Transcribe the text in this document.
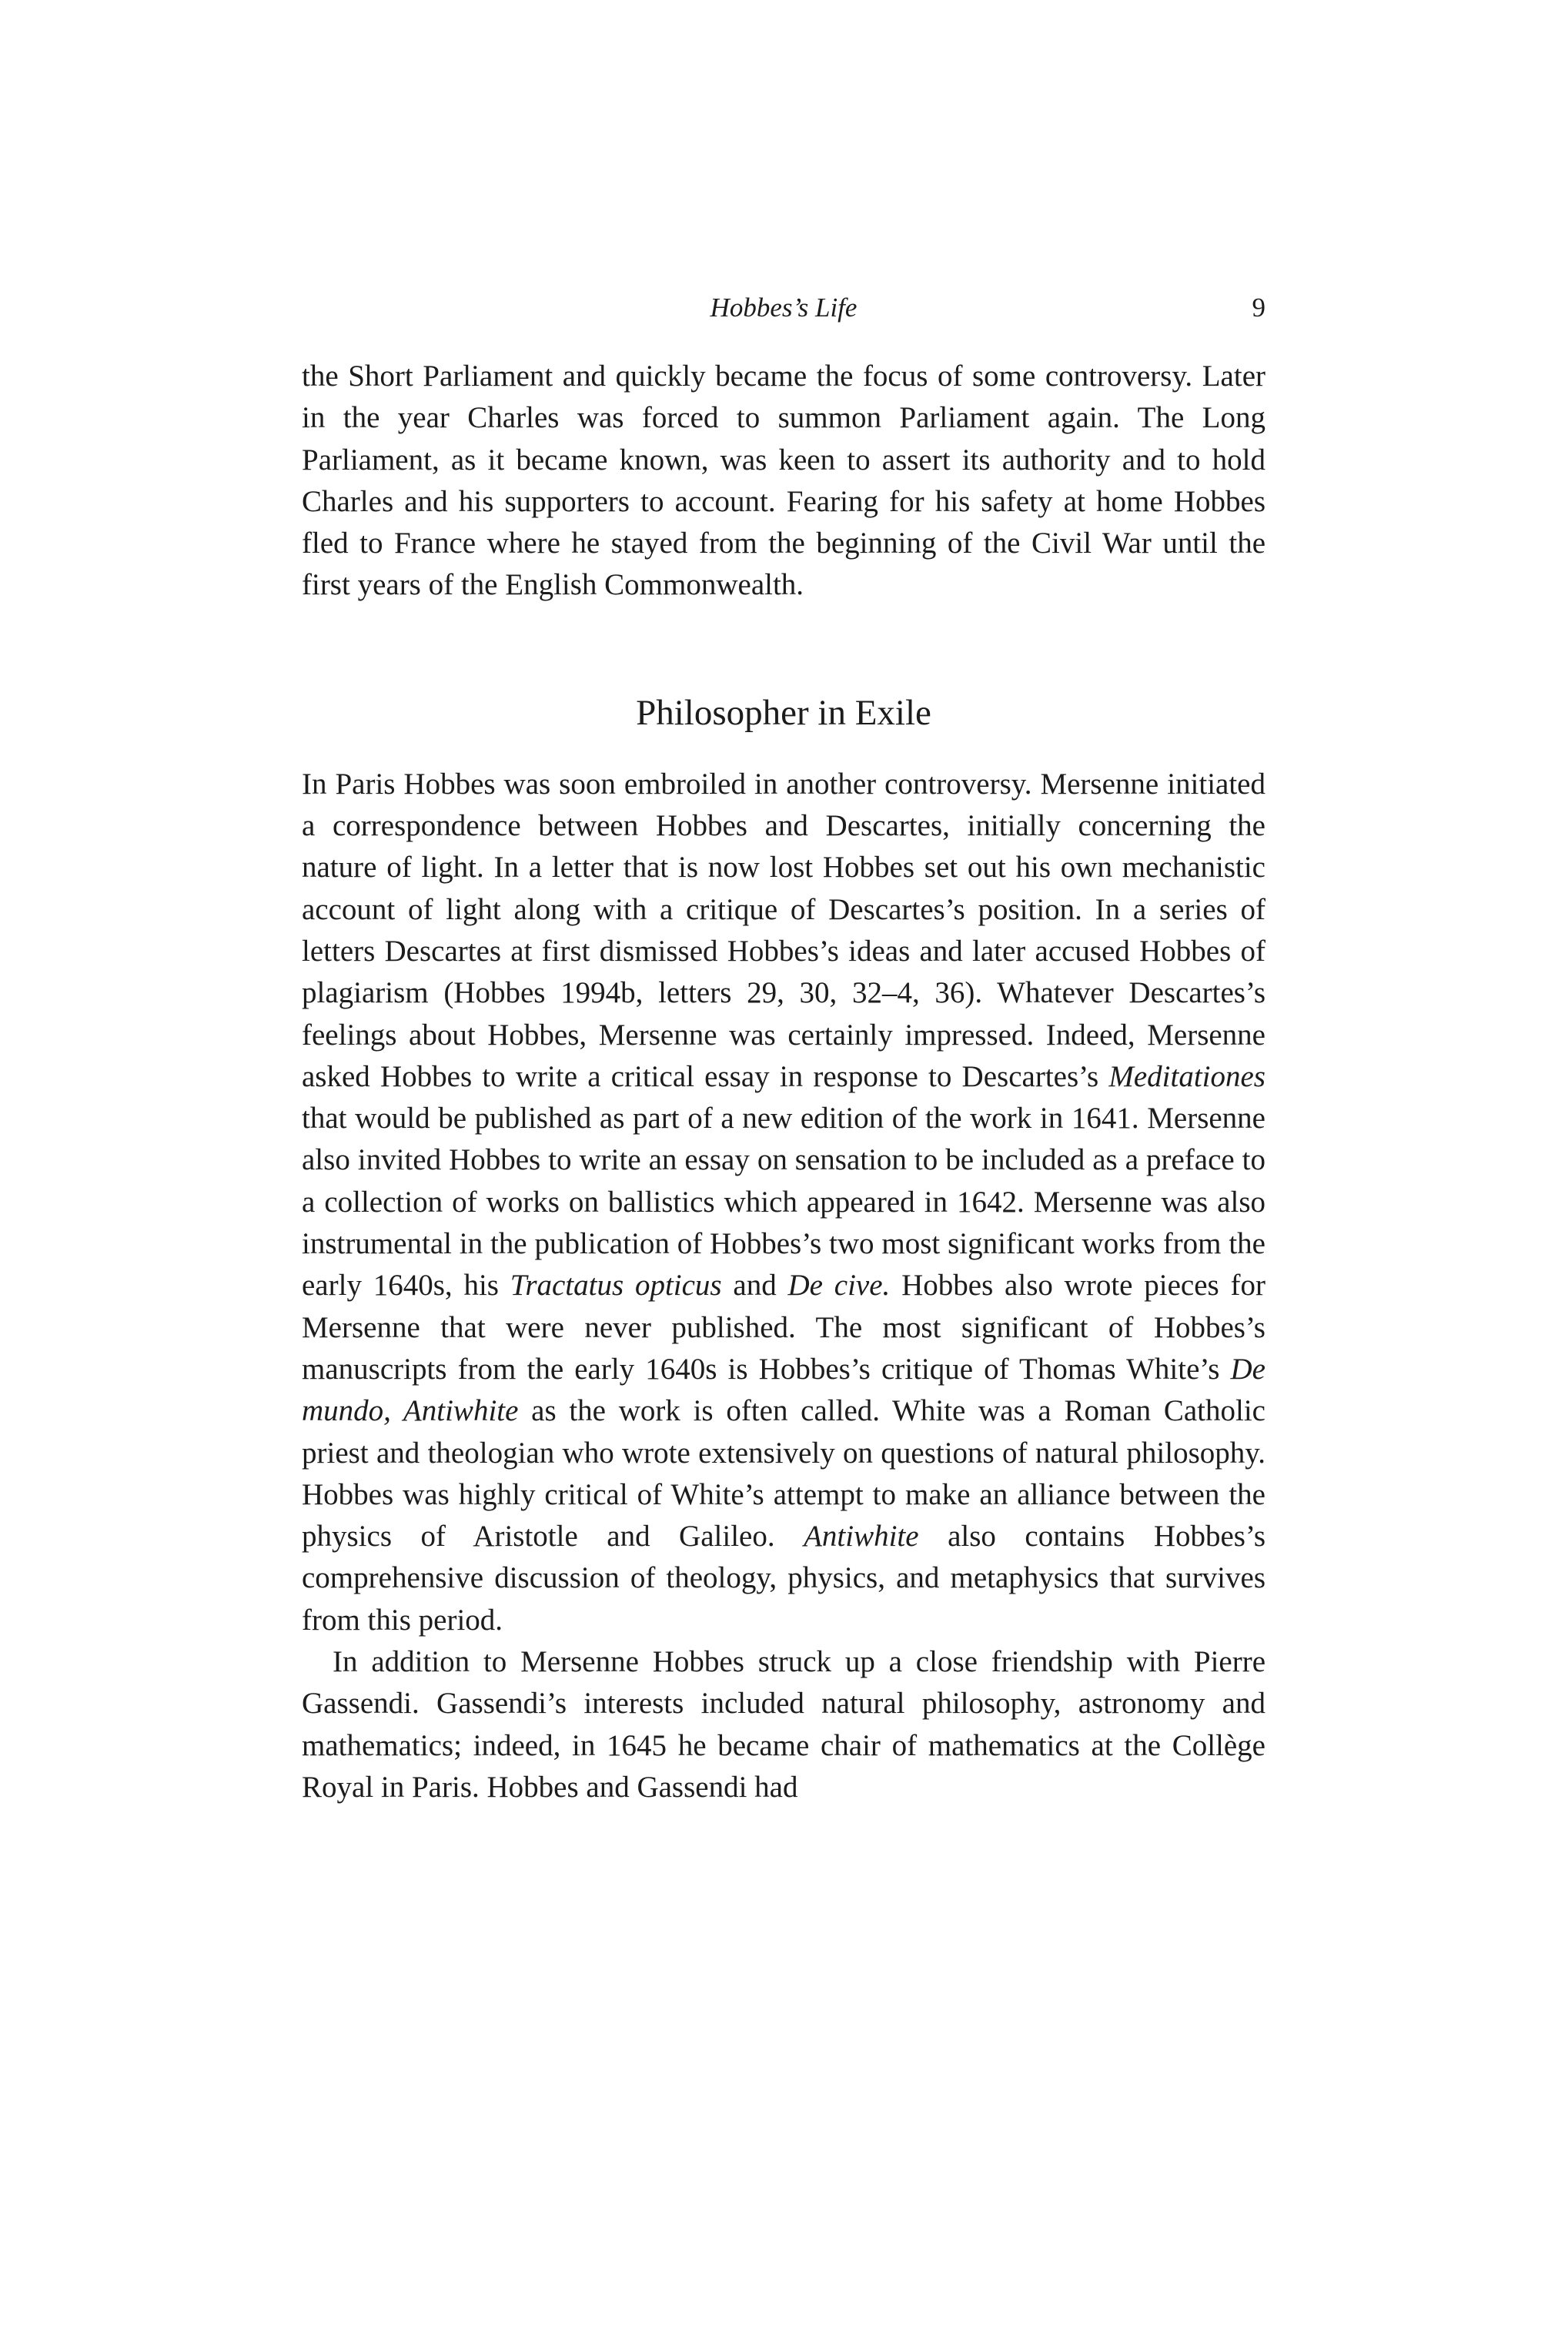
Hobbes’s Life	9

the Short Parliament and quickly became the focus of some controversy. Later in the year Charles was forced to summon Parliament again. The Long Parliament, as it became known, was keen to assert its authority and to hold Charles and his supporters to account. Fearing for his safety at home Hobbes fled to France where he stayed from the beginning of the Civil War until the first years of the English Commonwealth.

Philosopher in Exile

In Paris Hobbes was soon embroiled in another controversy. Mersenne initiated a correspondence between Hobbes and Descartes, initially concerning the nature of light. In a letter that is now lost Hobbes set out his own mechanistic account of light along with a critique of Descartes’s position. In a series of letters Descartes at first dismissed Hobbes’s ideas and later accused Hobbes of plagiarism (Hobbes 1994b, letters 29, 30, 32–4, 36). Whatever Descartes’s feelings about Hobbes, Mersenne was certainly impressed. Indeed, Mersenne asked Hobbes to write a critical essay in response to Descartes’s Meditationes that would be published as part of a new edition of the work in 1641. Mersenne also invited Hobbes to write an essay on sensation to be included as a preface to a collection of works on ballistics which appeared in 1642. Mersenne was also instrumental in the publication of Hobbes’s two most significant works from the early 1640s, his Tractatus opticus and De cive. Hobbes also wrote pieces for Mersenne that were never published. The most significant of Hobbes’s manuscripts from the early 1640s is Hobbes’s critique of Thomas White’s De mundo, Antiwhite as the work is often called. White was a Roman Catholic priest and theologian who wrote extensively on questions of natural philosophy. Hobbes was highly critical of White’s attempt to make an alliance between the physics of Aristotle and Galileo. Antiwhite also contains Hobbes’s comprehensive discussion of theology, physics, and metaphysics that survives from this period.

In addition to Mersenne Hobbes struck up a close friendship with Pierre Gassendi. Gassendi’s interests included natural philosophy, astronomy and mathematics; indeed, in 1645 he became chair of mathematics at the Collège Royal in Paris. Hobbes and Gassendi had
